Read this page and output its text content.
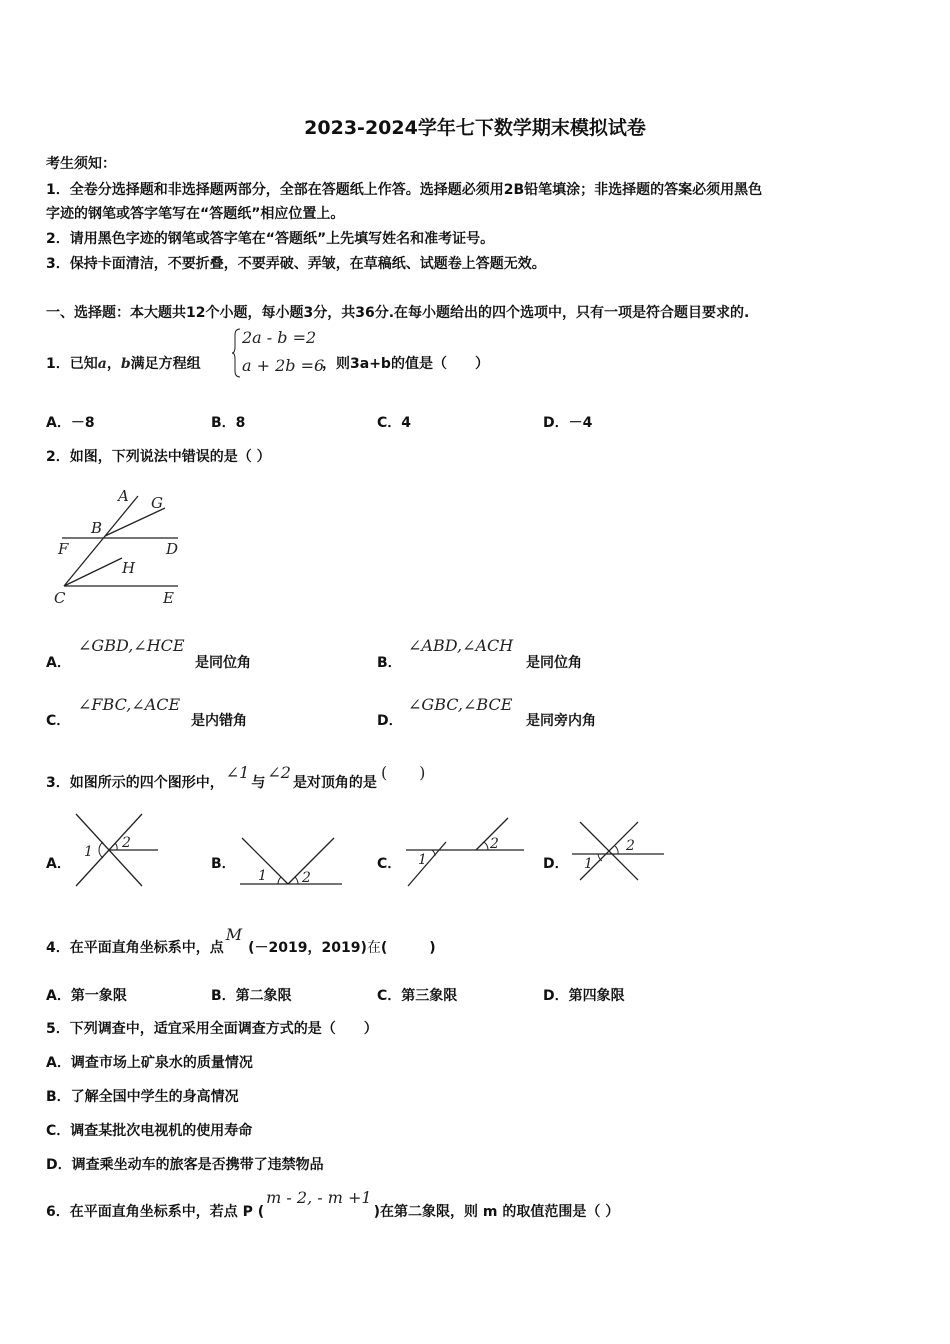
2023-2024学年七下数学期末模拟试卷
考生须知：
1．全卷分选择题和非选择题两部分，全部在答题纸上作答。选择题必须用2B铅笔填涂；非选择题的答案必须用黑色
字迹的钢笔或答字笔写在“答题纸”相应位置上。
2．请用黑色字迹的钢笔或答字笔在“答题纸”上先填写姓名和准考证号。
3．保持卡面清洁，不要折叠，不要弄破、弄皱，在草稿纸、试题卷上答题无效。
一、选择题：本大题共12个小题，每小题3分，共36分.在每小题给出的四个选项中，只有一项是符合题目要求的.
1．已知a，b满足方程组
2a - b =2
a + 2b =6
，则3a+b的值是（　　）
A．－8	B．8	C．4	D．－4
2．如图，下列说法中错误的是（ ）
A G
B
F	D
H
C	E
A．
∠GBD,∠HCE
是同位角	B．
∠ABD,∠ACH
是同位角
C．
∠FBC,∠ACE
是内错角	D．
∠GBC,∠BCE
是同旁内角
3．如图所示的四个图形中，∠1与∠2是对顶角的是(　　)
A．
1
2
B．
1	2
C． 1
2
D． 1
2
4．在平面直角坐标系中，点M(－2019，2019)在(　　　)
A．第一象限	B．第二象限	C．第三象限	D．第四象限
5．下列调查中，适宜采用全面调查方式的是（　　）
A．调查市场上矿泉水的质量情况
B．了解全国中学生的身高情况
C．调查某批次电视机的使用寿命
D．调查乘坐动车的旅客是否携带了违禁物品
6．在平面直角坐标系中，若点 P (m - 2, - m +1)在第二象限，则 m 的取值范围是（ ）
